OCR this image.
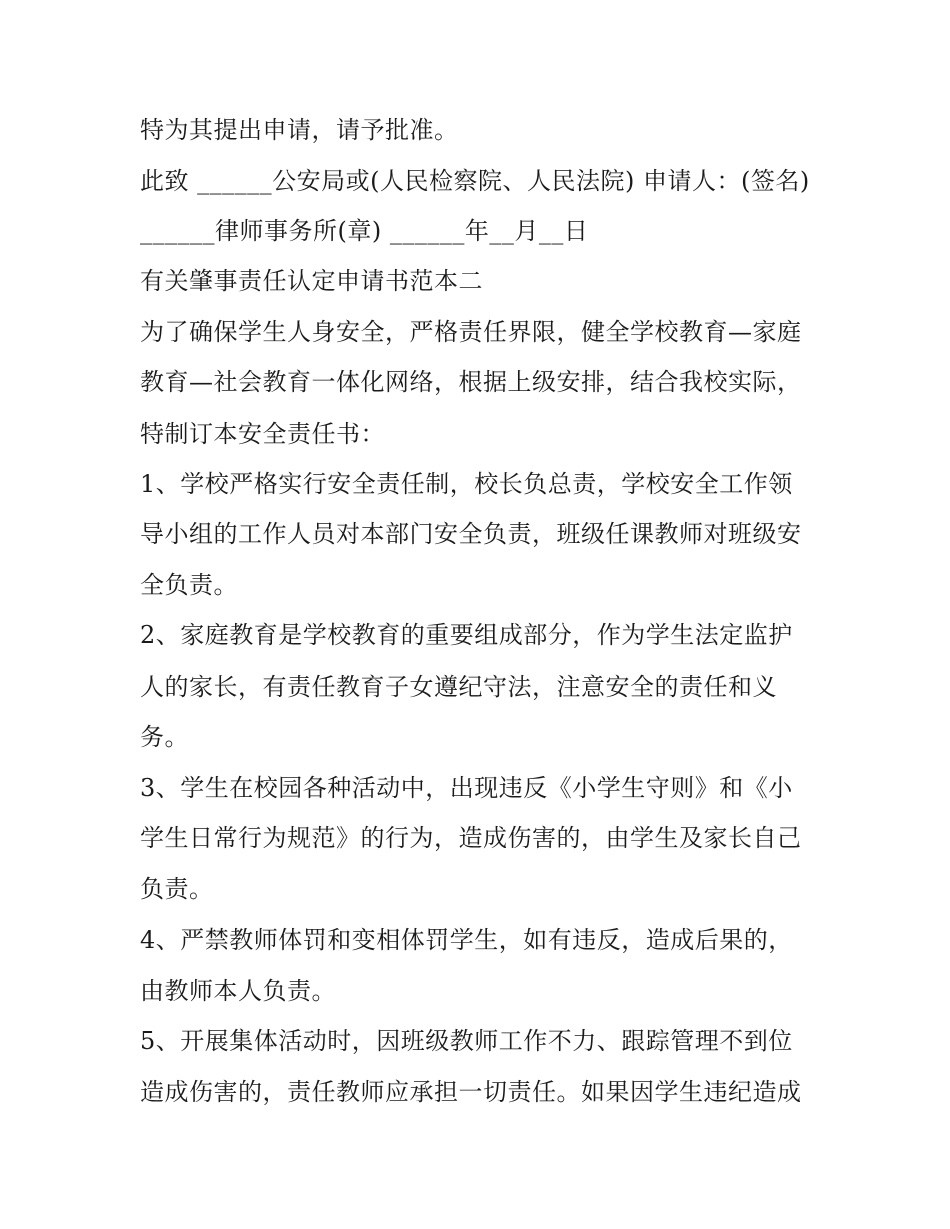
特为其提出申请，请予批准。
此致 ______公安局或(人民检察院、人民法院) 申请人：(签名)
______律师事务所(章) ______年__月__日
有关肇事责任认定申请书范本二
为了确保学生人身安全，严格责任界限，健全学校教育—家庭
教育—社会教育一体化网络，根据上级安排，结合我校实际，
特制订本安全责任书：
1、学校严格实行安全责任制，校长负总责，学校安全工作领
导小组的工作人员对本部门安全负责，班级任课教师对班级安
全负责。
2、家庭教育是学校教育的重要组成部分，作为学生法定监护
人的家长，有责任教育子女遵纪守法，注意安全的责任和义
务。
3、学生在校园各种活动中，出现违反《小学生守则》和《小
学生日常行为规范》的行为，造成伤害的，由学生及家长自己
负责。
4、严禁教师体罚和变相体罚学生，如有违反，造成后果的，
由教师本人负责。
5、开展集体活动时，因班级教师工作不力、跟踪管理不到位
造成伤害的，责任教师应承担一切责任。如果因学生违纪造成
